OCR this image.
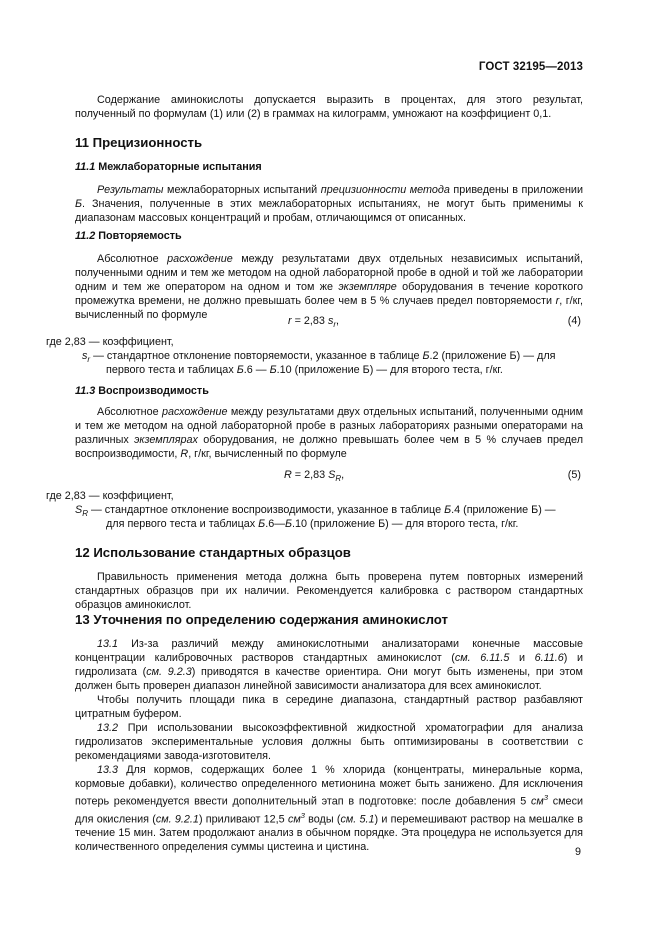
ГОСТ 32195—2013

Содержание аминокислоты допускается выразить в процентах, для этого результат, полученный по формулам (1) или (2) в граммах на килограмм, умножают на коэффициент 0,1.

11 Прецизионность
11.1 Межлабораторные испытания

Результаты межлабораторных испытаний прецизионности метода приведены в приложении Б. Значения, полученные в этих межлабораторных испытаниях, не могут быть применимы к диапазонам массовых концентраций и пробам, отличающимся от описанных.

11.2 Повторяемость

Абсолютное расхождение между результатами двух отдельных независимых испытаний, полученными одним и тем же методом на одной лабораторной пробе в одной и той же лаборатории одним и тем же оператором на одном и том же экземпляре оборудования в течение короткого промежутка времени, не должно превышать более чем в 5 % случаев предел повторяемости r, г/кг, вычисленный по формуле	r = 2,83 $s_r$,	(4)
где 2,83 — коэффициент,
$s_r$ — стандартное отклонение повторяемости, указанное в таблице Б.2 (приложение Б) — для
первого теста и таблицах Б.6 — Б.10 (приложение Б) — для второго теста, г/кг.
11.3 Воспроизводимость

Абсолютное расхождение между результатами двух отдельных испытаний, полученными одним и тем же методом на одной лабораторной пробе в разных лабораториях разными операторами на различных экземплярах оборудования, не должно превышать более чем в 5 % случаев предел воспроизводимости, R, г/кг, вычисленный по формуле

R = 2,83 $S_R$,	(5)
где 2,83 — коэффициент,
$S_R$ — стандартное отклонение воспроизводимости, указанное в таблице Б.4 (приложение Б) —
для первого теста и таблицах Б.6—Б.10 (приложение Б) — для второго теста, г/кг.
12 Использование стандартных образцов

Правильность применения метода должна быть проверена путем повторных измерений стандартных образцов при их наличии. Рекомендуется калибровка с раствором стандартных образцов аминокислот.

13 Уточнения по определению содержания аминокислот

13.1 Из-за различий между аминокислотными анализаторами конечные массовые концентрации калибровочных растворов стандартных аминокислот (см. 6.11.5 и 6.11.6) и гидролизата (см. 9.2.3) приводятся в качестве ориентира. Они могут быть изменены, при этом должен быть проверен диапазон линейной зависимости анализатора для всех аминокислот.

Чтобы получить площади пика в середине диапазона, стандартный раствор разбавляют цитратным буфером.

13.2 При использовании высокоэффективной жидкостной хроматографии для анализа гидролизатов экспериментальные условия должны быть оптимизированы в соответствии с рекомендациями завода-изготовителя.

13.3 Для кормов, содержащих более 1 % хлорида (концентраты, минеральные корма, кормовые добавки), количество определенного метионина может быть занижено. Для исключения потерь рекомендуется ввести дополнительный этап в подготовке: после добавления 5 $см^3$ смеси для окисления (см. 9.2.1) приливают 12,5 $см^3$ воды (см. 5.1) и перемешивают раствор на мешалке в течение 15 мин. Затем продолжают анализ в обычном порядке. Эта процедура не используется для количественного определения суммы цистеина и цистина.	9
